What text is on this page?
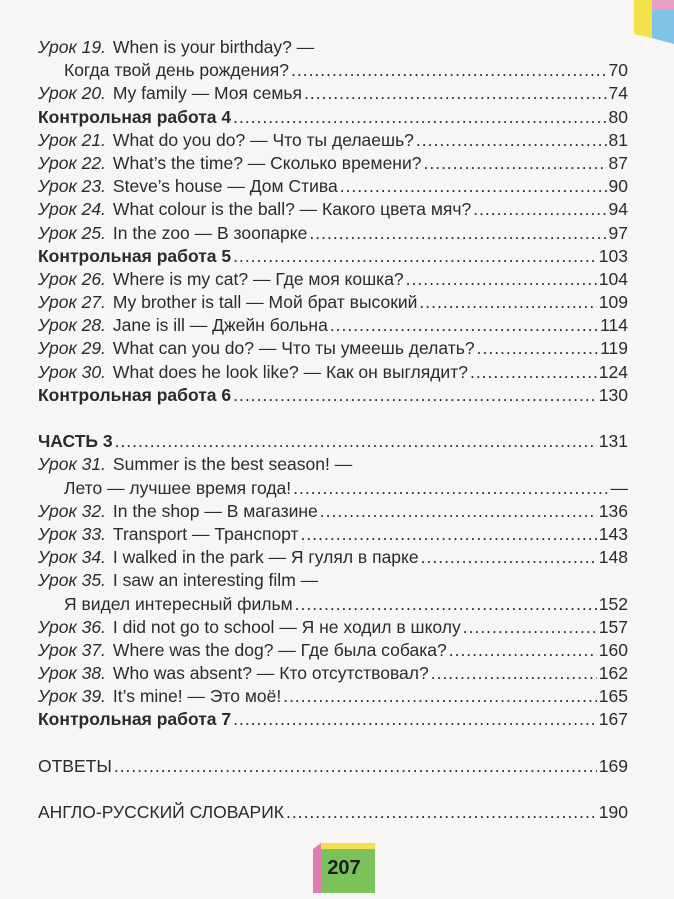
Урок 19. When is your birthday? —
Когда твой день рождения? .....	70
Урок 20. My family — Моя семья .....	74
Контрольная работа 4 .....	80
Урок 21. What do you do? — Что ты делаешь? .....	81
Урок 22. What’s the time? — Сколько времени? .....	87
Урок 23. Steve’s house — Дом Стива .....	90
Урок 24. What colour is the ball? — Какого цвета мяч? .....	94
Урок 25. In the zoo — В зоопарке .....	97
Контрольная работа 5 .....	103
Урок 26. Where is my cat? — Где моя кошка? .....	104
Урок 27. My brother is tall — Мой брат высокий .....	109
Урок 28. Jane is ill — Джейн больна .....	114
Урок 29. What can you do? — Что ты умеешь делать? .....	119
Урок 30. What does he look like? — Как он выглядит? .....	124
Контрольная работа 6 .....	130
ЧАСТЬ 3 .....	131
Урок 31. Summer is the best season! —
Лето — лучшее время года! .....	—
Урок 32. In the shop — В магазине .....	136
Урок 33. Transport — Транспорт .....	143
Урок 34. I walked in the park — Я гулял в парке .....	148
Урок 35. I saw an interesting film —
Я видел интересный фильм .....	152
Урок 36. I did not go to school — Я не ходил в школу .....	157
Урок 37. Where was the dog? — Где была собака? .....	160
Урок 38. Who was absent? — Кто отсутствовал? .....	162
Урок 39. It’s mine! — Это моё! .....	165
Контрольная работа 7 .....	167
ОТВЕТЫ .....	169
АНГЛО-РУССКИЙ СЛОВАРИК .....	190
207
